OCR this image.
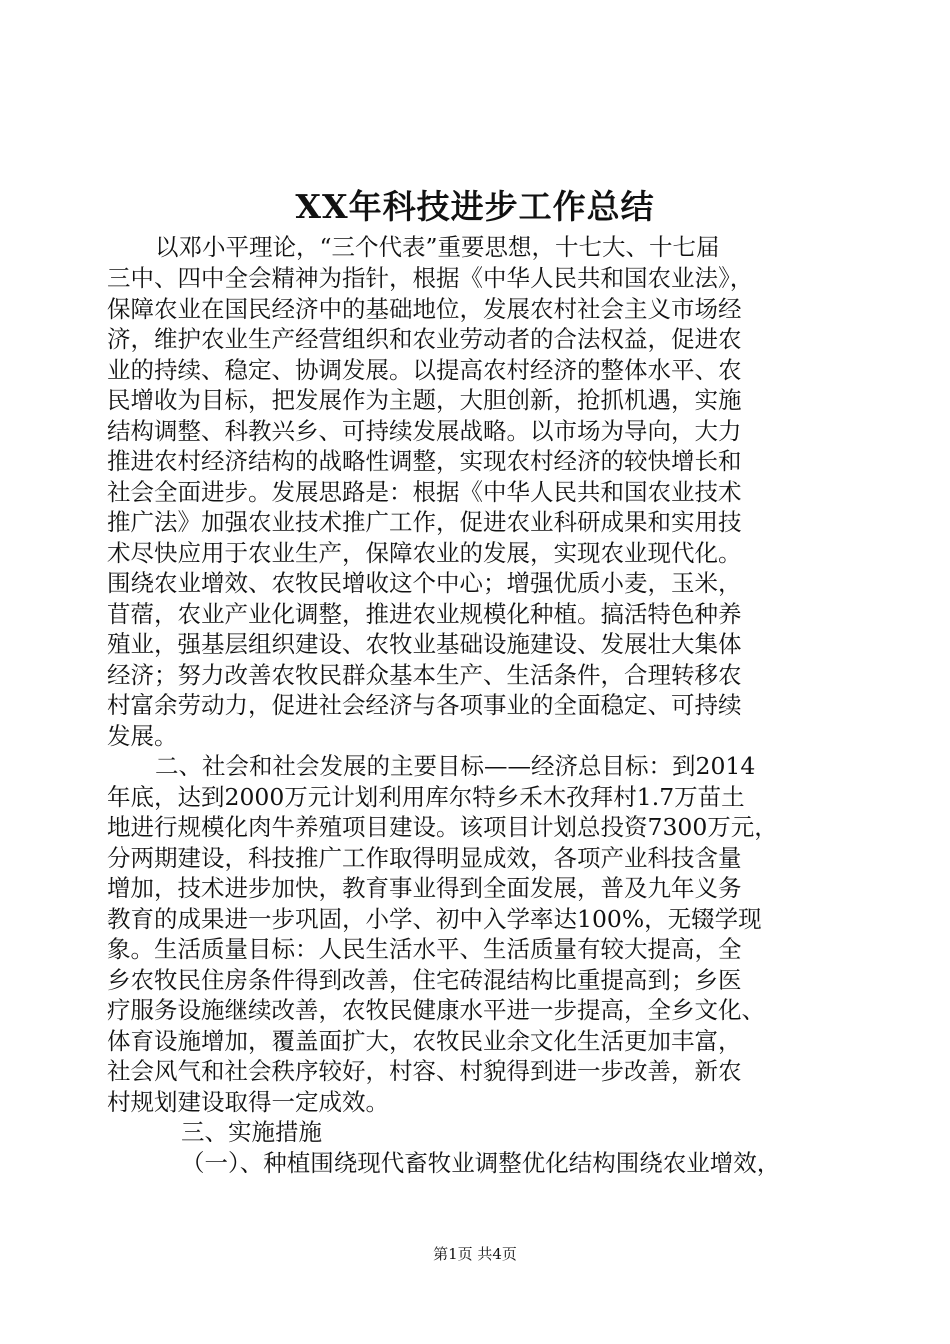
XX年科技进步工作总结
以邓小平理论，“三个代表”重要思想，十七大、十七届
三中、四中全会精神为指针，根据《中华人民共和国农业法》，
保障农业在国民经济中的基础地位，发展农村社会主义市场经
济，维护农业生产经营组织和农业劳动者的合法权益，促进农
业的持续、稳定、协调发展。以提高农村经济的整体水平、农
民增收为目标，把发展作为主题，大胆创新，抢抓机遇，实施
结构调整、科教兴乡、可持续发展战略。以市场为导向，大力
推进农村经济结构的战略性调整，实现农村经济的较快增长和
社会全面进步。发展思路是：根据《中华人民共和国农业技术
推广法》加强农业技术推广工作，促进农业科研成果和实用技
术尽快应用于农业生产，保障农业的发展，实现农业现代化。
围绕农业增效、农牧民增收这个中心；增强优质小麦，玉米，
苜蓿，农业产业化调整，推进农业规模化种植。搞活特色种养
殖业，强基层组织建设、农牧业基础设施建设、发展壮大集体
经济；努力改善农牧民群众基本生产、生活条件，合理转移农
村富余劳动力，促进社会经济与各项事业的全面稳定、可持续
发展。
二、社会和社会发展的主要目标——经济总目标：到2014
年底，达到2000万元计划利用库尔特乡禾木孜拜村1.7万苗土
地进行规模化肉牛养殖项目建设。该项目计划总投资7300万元，
分两期建设，科技推广工作取得明显成效，各项产业科技含量
增加，技术进步加快，教育事业得到全面发展，普及九年义务
教育的成果进一步巩固，小学、初中入学率达100%，无辍学现
象。生活质量目标：人民生活水平、生活质量有较大提高，全
乡农牧民住房条件得到改善，住宅砖混结构比重提高到；乡医
疗服务设施继续改善，农牧民健康水平进一步提高，全乡文化、
体育设施增加，覆盖面扩大，农牧民业余文化生活更加丰富，
社会风气和社会秩序较好，村容、村貌得到进一步改善，新农
村规划建设取得一定成效。
三、实施措施
（一）、种植围绕现代畜牧业调整优化结构围绕农业增效，
第1页 共4页
